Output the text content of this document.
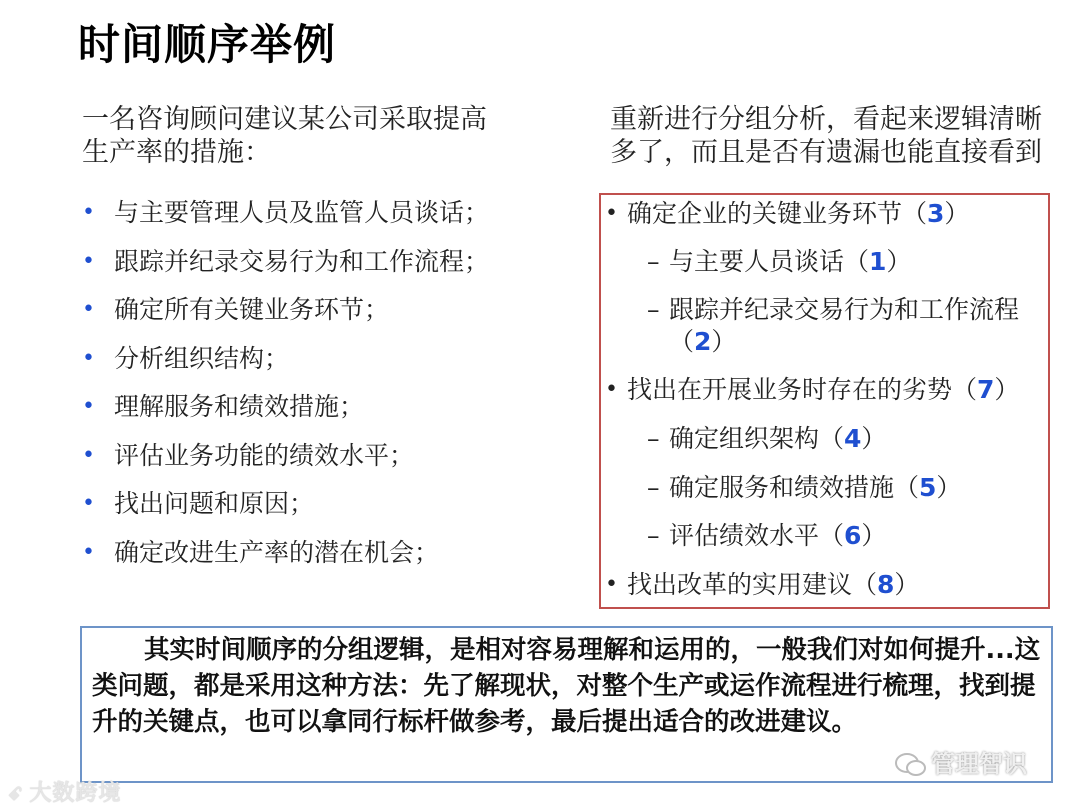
时间顺序举例
一名咨询顾问建议某公司采取提高生产率的措施：
重新进行分组分析，看起来逻辑清晰多了，而且是否有遗漏也能直接看到
• 与主要管理人员及监管人员谈话；
• 跟踪并纪录交易行为和工作流程；
• 确定所有关键业务环节；
• 分析组织结构；
• 理解服务和绩效措施；
• 评估业务功能的绩效水平；
• 找出问题和原因；
• 确定改进生产率的潜在机会；
• 确定企业的关键业务环节（3）
– 与主要人员谈话（1）
– 跟踪并纪录交易行为和工作流程（2）
• 找出在开展业务时存在的劣势（7）
– 确定组织架构（4）
– 确定服务和绩效措施（5）
– 评估绩效水平（6）
• 找出改革的实用建议（8）
其实时间顺序的分组逻辑，是相对容易理解和运用的，一般我们对如何提升...这类问题，都是采用这种方法：先了解现状，对整个生产或运作流程进行梳理，找到提升的关键点，也可以拿同行标杆做参考，最后提出适合的改进建议。
ꗃ 大数跨境
管理智识
